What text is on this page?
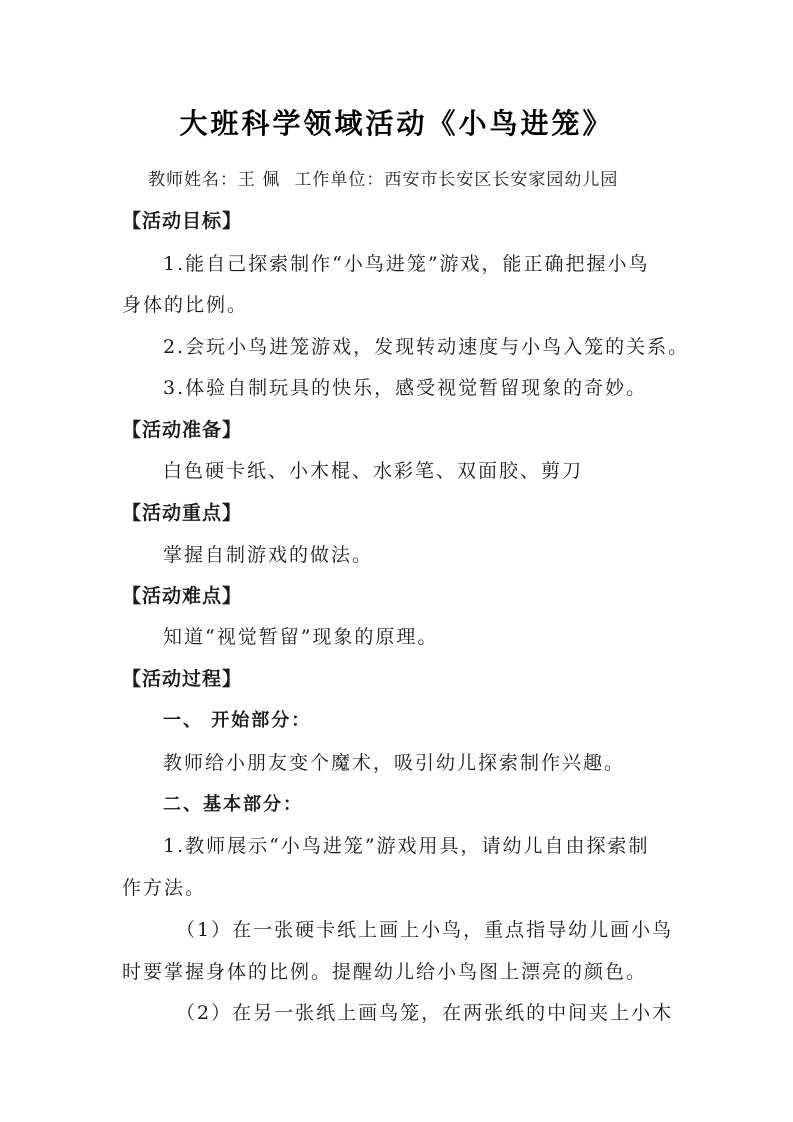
大班科学领域活动《小鸟进笼》
教师姓名：王 佩 工作单位：西安市长安区长安家园幼儿园
【活动目标】
1.能自己探索制作“小鸟进笼”游戏，能正确把握小鸟
身体的比例。
2.会玩小鸟进笼游戏，发现转动速度与小鸟入笼的关系。
3.体验自制玩具的快乐，感受视觉暂留现象的奇妙。
【活动准备】
白色硬卡纸、小木棍、水彩笔、双面胶、剪刀
【活动重点】
掌握自制游戏的做法。
【活动难点】
知道“视觉暂留”现象的原理。
【活动过程】
一、 开始部分：
教师给小朋友变个魔术，吸引幼儿探索制作兴趣。
二、基本部分：
1.教师展示“小鸟进笼”游戏用具，请幼儿自由探索制
作方法。
（1）在一张硬卡纸上画上小鸟，重点指导幼儿画小鸟
时要掌握身体的比例。提醒幼儿给小鸟图上漂亮的颜色。
（2）在另一张纸上画鸟笼，在两张纸的中间夹上小木
